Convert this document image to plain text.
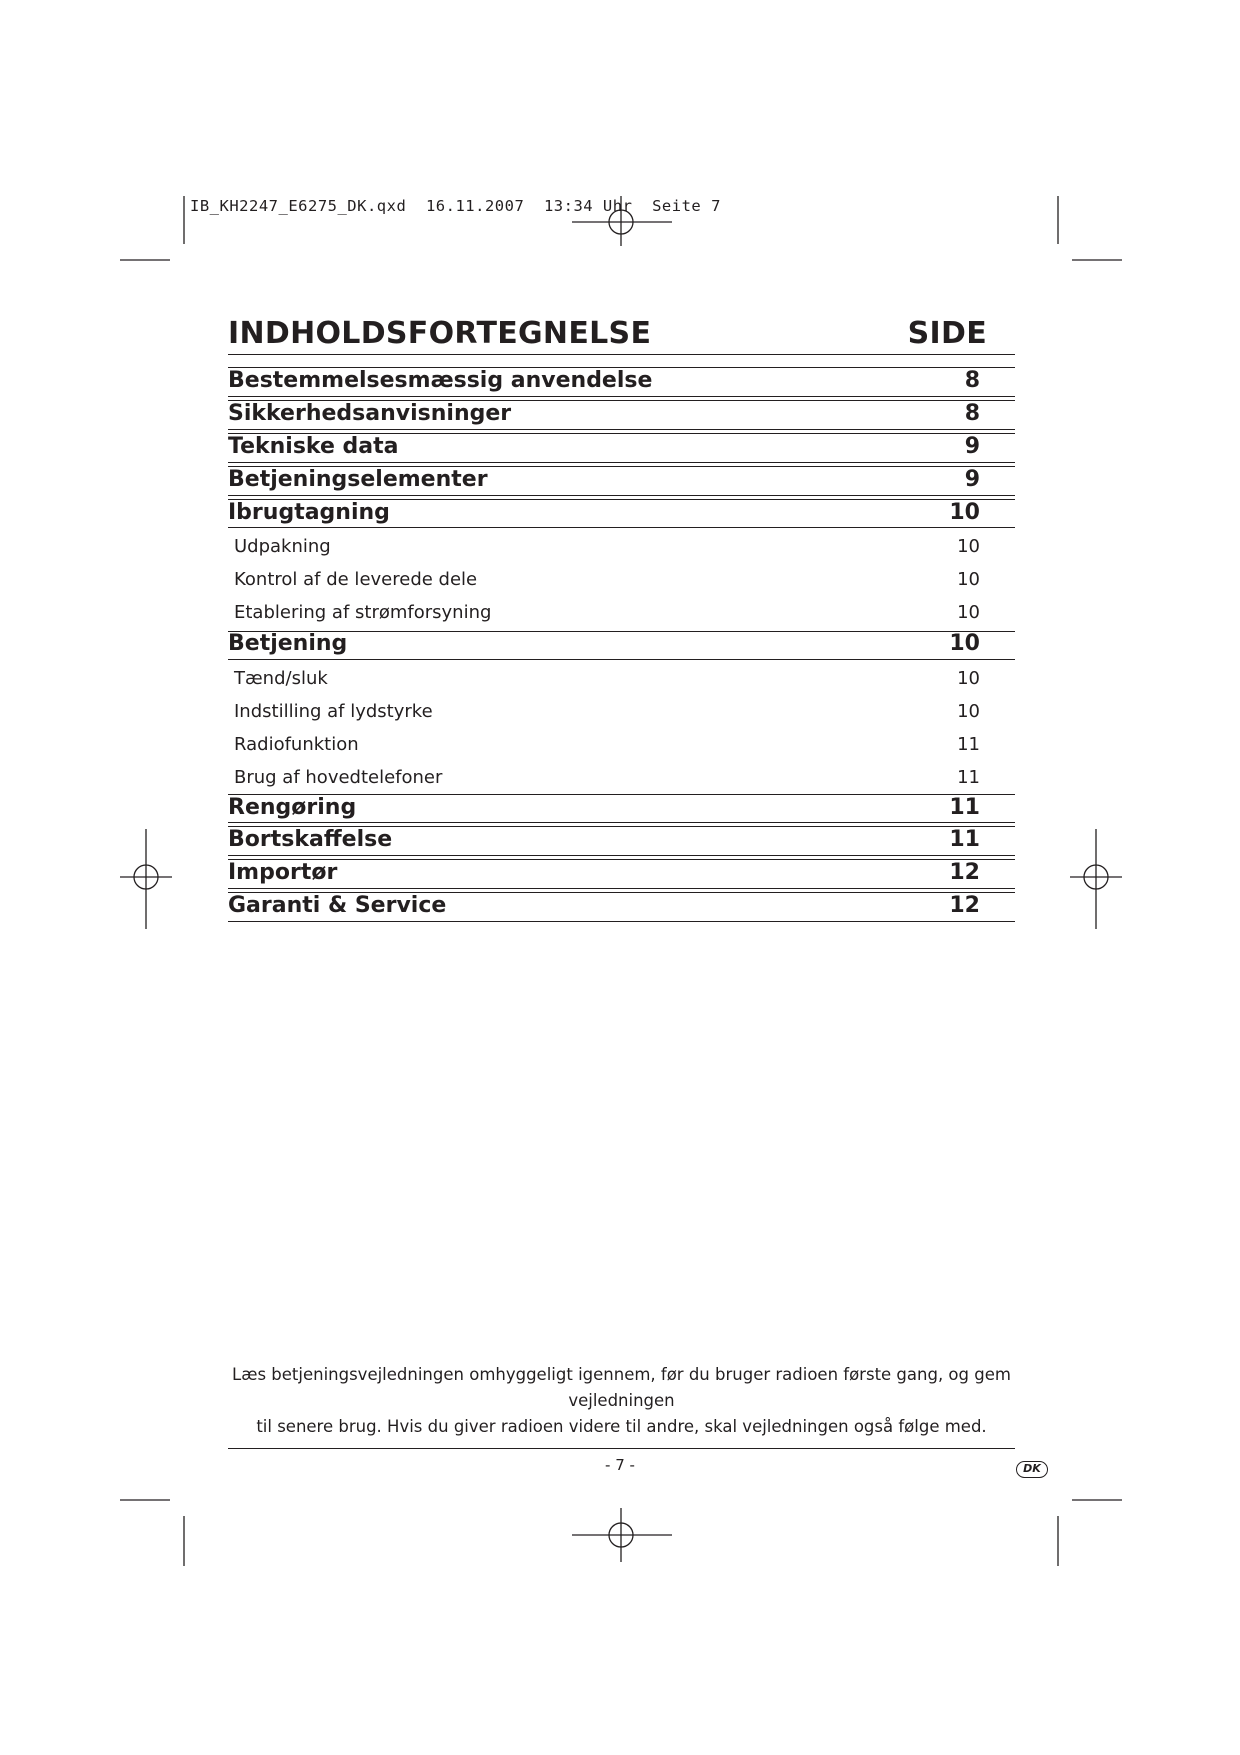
IB_KH2247_E6275_DK.qxd  16.11.2007  13:34 Uhr  Seite 7
INDHOLDSFORTEGNELSE	SIDE
Bestemmelsesmæssig anvendelse	8
Sikkerhedsanvisninger	8
Tekniske data	9
Betjeningselementer	9
Ibrugtagning	10
Udpakning	10
Kontrol af de leverede dele	10
Etablering af strømforsyning	10
Betjening	10
Tænd/sluk	10
Indstilling af lydstyrke	10
Radiofunktion	11
Brug af hovedtelefoner	11
Rengøring	11
Bortskaffelse	11
Importør	12
Garanti & Service	12
Læs betjeningsvejledningen omhyggeligt igennem, før du bruger radioen første gang, og gem vejledningen
til senere brug. Hvis du giver radioen videre til andre, skal vejledningen også følge med.
- 7 -	DK
